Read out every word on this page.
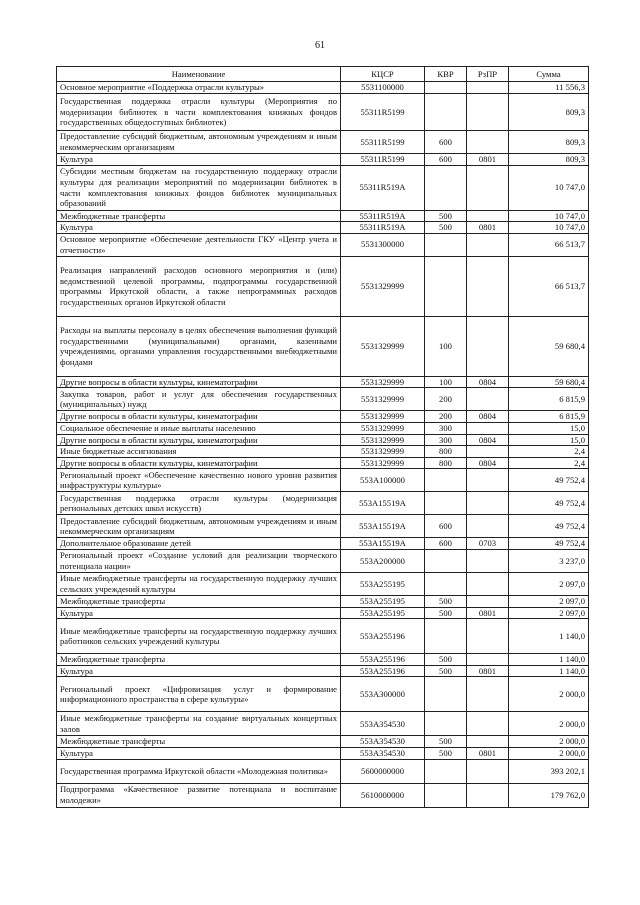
61
Наименование	КЦСР	КВР	РзПР	Сумма
Основное мероприятие «Поддержка отрасли культуры»	5531100000			11 556,3
Государственная поддержка отрасли культуры (Мероприятия по модернизации библиотек в части комплектования книжных фондов государственных общедоступных библиотек)	55311R5199			809,3
Предоставление субсидий бюджетным, автономным учреждениям и иным некоммерческим организациям	55311R5199	600		809,3
Культура	55311R5199	600	0801	809,3
Субсидии местным бюджетам на государственную поддержку отрасли культуры для реализации мероприятий по модернизации библиотек в части комплектования книжных фондов библиотек муниципальных образований	55311R519A			10 747,0
Межбюджетные трансферты	55311R519A	500		10 747,0
Культура	55311R519A	500	0801	10 747,0
Основное мероприятие «Обеспечение деятельности ГКУ «Центр учета и отчетности»	5531300000			66 513,7
Реализация направлений расходов основного мероприятия и (или) ведомственной целевой программы, подпрограммы государственной программы Иркутской области, а также непрограммных расходов государственных органов Иркутской области	5531329999			66 513,7
Расходы на выплаты персоналу в целях обеспечения выполнения функций государственными (муниципальными) органами, казенными учреждениями, органами управления государственными внебюджетными фондами	5531329999	100		59 680,4
Другие вопросы в области культуры, кинематографии	5531329999	100	0804	59 680,4
Закупка товаров, работ и услуг для обеспечения государственных (муниципальных) нужд	5531329999	200		6 815,9
Другие вопросы в области культуры, кинематографии	5531329999	200	0804	6 815,9
Социальное обеспечение и иные выплаты населению	5531329999	300		15,0
Другие вопросы в области культуры, кинематографии	5531329999	300	0804	15,0
Иные бюджетные ассигнования	5531329999	800		2,4
Другие вопросы в области культуры, кинематографии	5531329999	800	0804	2,4
Региональный проект «Обеспечение качественно нового уровня развития инфраструктуры культуры»	553A100000			49 752,4
Государственная поддержка отрасли культуры (модернизация региональных детских школ искусств)	553A15519A			49 752,4
Предоставление субсидий бюджетным, автономным учреждениям и иным некоммерческим организациям	553A15519A	600		49 752,4
Дополнительное образование детей	553A15519A	600	0703	49 752,4
Региональный проект «Создание условий для реализации творческого потенциала нации»	553A200000			3 237,0
Иные межбюджетные трансферты на государственную поддержку лучших сельских учреждений культуры	553A255195			2 097,0
Межбюджетные трансферты	553A255195	500		2 097,0
Культура	553A255195	500	0801	2 097,0
Иные межбюджетные трансферты на государственную поддержку лучших работников сельских учреждений культуры	553A255196			1 140,0
Межбюджетные трансферты	553A255196	500		1 140,0
Культура	553A255196	500	0801	1 140,0
Региональный проект «Цифровизация услуг и формирование информационного пространства в сфере культуры»	553A300000			2 000,0
Иные межбюджетные трансферты на создание виртуальных концертных залов	553A354530			2 000,0
Межбюджетные трансферты	553A354530	500		2 000,0
Культура	553A354530	500	0801	2 000,0
Государственная программа Иркутской области «Молодежная политика»	5600000000			393 202,1
Подпрограмма «Качественное развитие потенциала и воспитание молодежи»	5610000000			179 762,0
